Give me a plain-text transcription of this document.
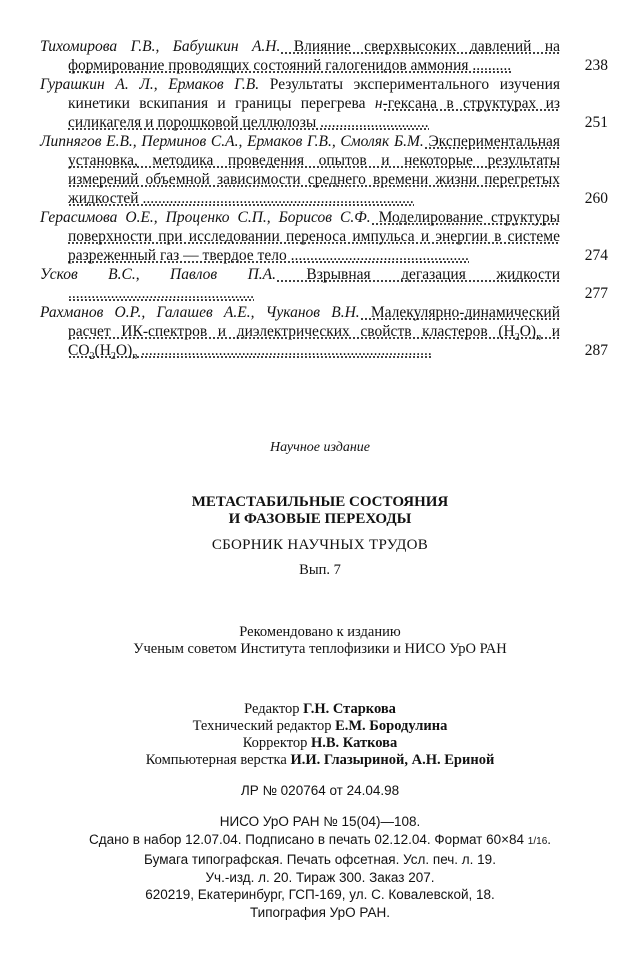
Тихомирова Г.В., Бабушкин А.Н. Влияние сверхвысоких давлений на формирование проводящих состояний галогенидов аммония ..........	238
Гурашкин А. Л., Ермаков Г.В. Результаты экспериментального изучения кинетики вскипания и границы перегрева н-гексана в структурах из силикагеля и порошковой целлюлозы ............................	251
Липнягов Е.В., Перминов С.А., Ермаков Г.В., Смоляк Б.М. Экспериментальная установка, методика проведения опытов и некоторые результаты измерений объемной зависимости среднего времени жизни перегретых жидкостей ......................................................................	260
Герасимова О.Е., Проценко С.П., Борисов С.Ф. Моделирование структуры поверхности при исследовании переноса импульса и энергии в системе разреженный газ — твердое тело ..............................................	274
Усков В.С., Павлов П.А. Взрывная дегазация жидкости ................................................	277
Рахманов О.Р., Галашев А.Е., Чуканов В.Н. Малекулярно-динамический расчет ИК-спектров и диэлектрических свойств кластеров $(H_2O)_n$ и $CO_2(H_2O)_n$ ...........................................................................	287
Научное издание
МЕТАСТАБИЛЬНЫЕ СОСТОЯНИЯ
И ФАЗОВЫЕ ПЕРЕХОДЫ
СБОРНИК НАУЧНЫХ ТРУДОВ
Вып. 7
Рекомендовано к изданию
Ученым советом Института теплофизики и НИСО УрО РАН
Редактор Г.Н. Старкова
Технический редактор Е.М. Бородулина
Корректор Н.В. Каткова
Компьютерная верстка И.И. Глазыриной, А.Н. Ериной
ЛР № 020764 от 24.04.98
НИСО УрО РАН № 15(04)—108.
Сдано в набор 12.07.04. Подписано в печать 02.12.04. Формат 60×84 1/16.
Бумага типографская. Печать офсетная. Усл. печ. л. 19.
Уч.-изд. л. 20. Тираж 300. Заказ 207.
620219, Екатеринбург, ГСП-169, ул. С. Ковалевской, 18.
Типография УрО РАН.
